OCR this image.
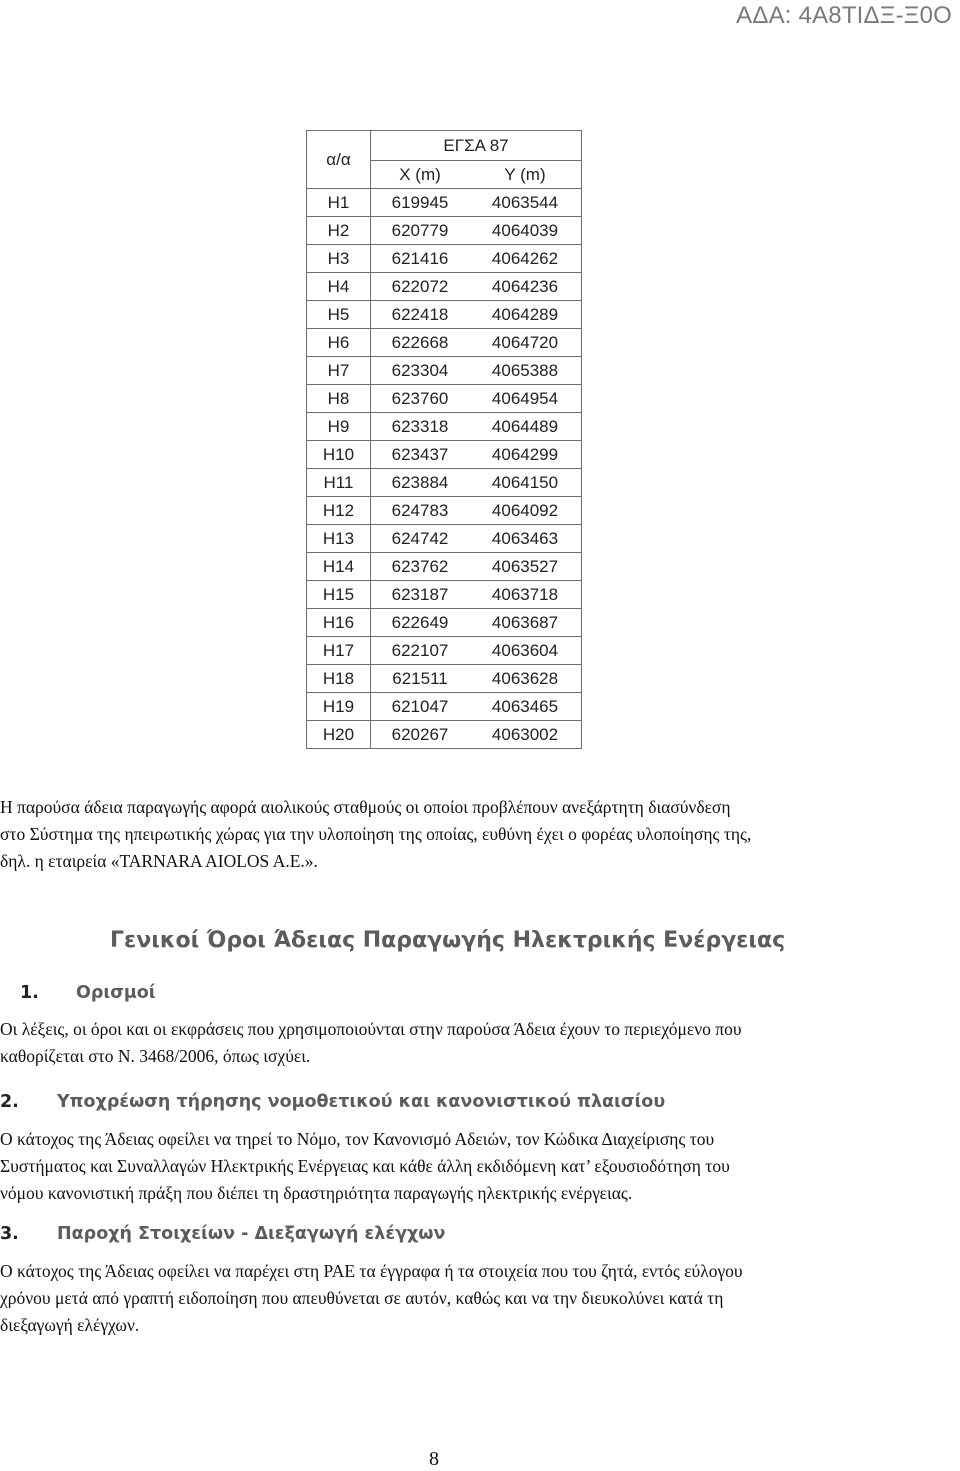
ΑΔΑ: 4Α8ΤΙΔΞ-Ξ0Ο
α/α	ΕΓΣΑ 87	
	X (m)	Y (m)
H1	619945	4063544
H2	620779	4064039
H3	621416	4064262
H4	622072	4064236
H5	622418	4064289
H6	622668	4064720
H7	623304	4065388
H8	623760	4064954
H9	623318	4064489
H10	623437	4064299
H11	623884	4064150
H12	624783	4064092
H13	624742	4063463
H14	623762	4063527
H15	623187	4063718
H16	622649	4063687
H17	622107	4063604
H18	621511	4063628
H19	621047	4063465
H20	620267	4063002
Η παρούσα άδεια παραγωγής αφορά αιολικούς σταθμούς οι οποίοι προβλέπουν ανεξάρτητη διασύνδεση
στο Σύστημα της ηπειρωτικής χώρας για την υλοποίηση της οποίας, ευθύνη έχει ο φορέας υλοποίησης της,
δηλ. η εταιρεία «TARNARA AIOLOS A.E.».
Γενικοί Όροι Άδειας Παραγωγής Ηλεκτρικής Ενέργειας
1. Ορισμοί
Οι λέξεις, οι όροι και οι εκφράσεις που χρησιμοποιούνται στην παρούσα Άδεια έχουν το περιεχόμενο που
καθορίζεται στο Ν. 3468/2006, όπως ισχύει.
2. Υποχρέωση τήρησης νομοθετικού και κανονιστικού πλαισίου
Ο κάτοχος της Άδειας οφείλει να τηρεί το Νόμο, τον Κανονισμό Αδειών, τον Κώδικα Διαχείρισης του
Συστήματος και Συναλλαγών Ηλεκτρικής Ενέργειας και κάθε άλλη εκδιδόμενη κατ’ εξουσιοδότηση του
νόμου κανονιστική πράξη που διέπει τη δραστηριότητα παραγωγής ηλεκτρικής ενέργειας.
3. Παροχή Στοιχείων - Διεξαγωγή ελέγχων
Ο κάτοχος της Άδειας οφείλει να παρέχει στη ΡΑΕ τα έγγραφα ή τα στοιχεία που του ζητά, εντός εύλογου
χρόνου μετά από γραπτή ειδοποίηση που απευθύνεται σε αυτόν, καθώς και να την διευκολύνει κατά τη
διεξαγωγή ελέγχων.
8
